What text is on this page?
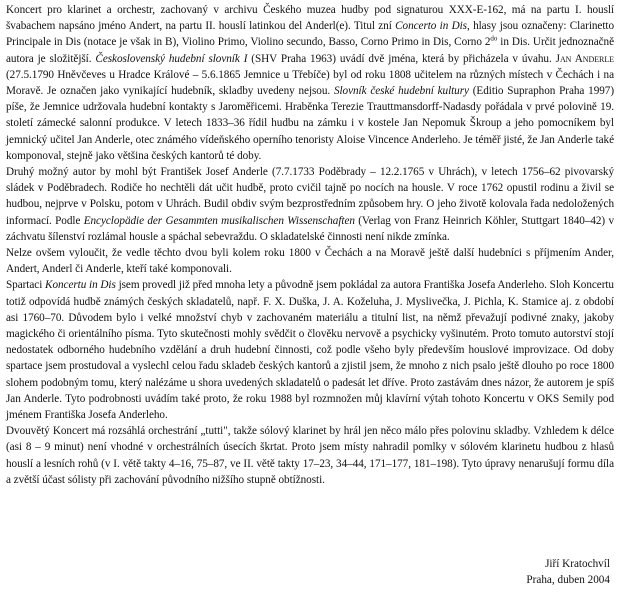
Koncert pro klarinet a orchestr, zachovaný v archivu Českého muzea hudby pod signaturou XXX-E-162, má na partu I. houslí švabachem napsáno jméno Andert, na partu II. houslí latinkou del Anderl(e). Titul zní Concerto in Dis, hlasy jsou označeny: Clarinetto Principale in Dis (notace je však in B), Violino Primo, Violino secundo, Basso, Corno Primo in Dis, Corno $2^{do}$ in Dis. Určit jednoznačně autora je složitější. Československý hudební slovník I (SHV Praha 1963) uvádí dvě jména, která by přicházela v úvahu. Jan Anderle (27.5.1790 Hněvčeves u Hradce Králové – 5.6.1865 Jemnice u Třebíče) byl od roku 1808 učitelem na různých místech v Čechách i na Moravě. Je označen jako vynikající hudebník, skladby uvedeny nejsou. Slovník české hudební kultury (Editio Supraphon Praha 1997) píše, že Jemnice udržovala hudební kontakty s Jaroměřicemi. Hraběnka Terezie Trauttmansdorff-Nadasdy pořádala v prvé polovině 19. století zámecké salonní produkce. V letech 1833–36 řídil hudbu na zámku i v kostele Jan Nepomuk Škroup a jeho pomocníkem byl jemnický učitel Jan Anderle, otec známého vídeňského operního tenoristy Aloise Vincence Anderleho. Je téměř jisté, že Jan Anderle také komponoval, stejně jako většina českých kantorů té doby.

Druhý možný autor by mohl být František Josef Anderle (7.7.1733 Poděbrady – 12.2.1765 v Uhrách), v letech 1756–62 pivovarský sládek v Poděbradech. Rodiče ho nechtěli dát učit hudbě, proto cvičil tajně po nocích na housle. V roce 1762 opustil rodinu a živil se hudbou, nejprve v Polsku, potom v Uhrách. Budil obdiv svým bezprostředním způsobem hry. O jeho životě kolovala řada nedoložených informací. Podle Encyclopädie der Gesammten musikalischen Wissenschaften (Verlag von Franz Heinrich Köhler, Stuttgart 1840–42) v záchvatu šílenství rozlámal housle a spáchal sebevraždu. O skladatelské činnosti není nikde zmínka.

Nelze ovšem vyloučit, že vedle těchto dvou byli kolem roku 1800 v Čechách a na Moravě ještě další hudebníci s příjmením Ander, Andert, Anderl či Anderle, kteří také komponovali.

Spartaci Koncertu in Dis jsem provedl již před mnoha lety a původně jsem pokládal za autora Františka Josefa Anderleho. Sloh Koncertu totiž odpovídá hudbě známých českých skladatelů, např. F. X. Duška, J. A. Koželuha, J. Myslivečka, J. Pichla, K. Stamice aj. z období asi 1760–70. Důvodem bylo i velké množství chyb v zachovaném materiálu a titulní list, na němž převažují podivné znaky, jakoby magického či orientálního písma. Tyto skutečnosti mohly svědčit o člověku nervově a psychicky vyšinutém. Proto tomuto autorství stojí nedostatek odborného hudebního vzdělání a druh hudební činnosti, což podle všeho byly především houslové improvizace. Od doby spartace jsem prostudoval a vyslechl celou řadu skladeb českých kantorů a zjistil jsem, že mnoho z nich psalo ještě dlouho po roce 1800 slohem podobným tomu, který nalézáme u shora uvedených skladatelů o padesát let dříve. Proto zastávám dnes názor, že autorem je spíš Jan Anderle. Tyto podrobnosti uvádím také proto, že roku 1988 byl rozmnožen můj klavírní výtah tohoto Koncertu v OKS Semily pod jménem Františka Josefa Anderleho.

Dvouvětý Koncert má rozsáhlá orchestrání „tutti", takže sólový klarinet by hrál jen něco málo přes polovinu skladby. Vzhledem k délce (asi 8 – 9 minut) není vhodné v orchestrálních úsecích škrtat. Proto jsem místy nahradil pomlky v sólovém klarinetu hudbou z hlasů houslí a lesních rohů (v I. větě takty 4–16, 75–87, ve II. větě takty 17–23, 34–44, 171–177, 181–198). Tyto úpravy nenarušují formu díla a zvětší účast sólisty při zachování původního nižšího stupně obtížnosti.

Jiří Kratochvíl
Praha, duben 2004
